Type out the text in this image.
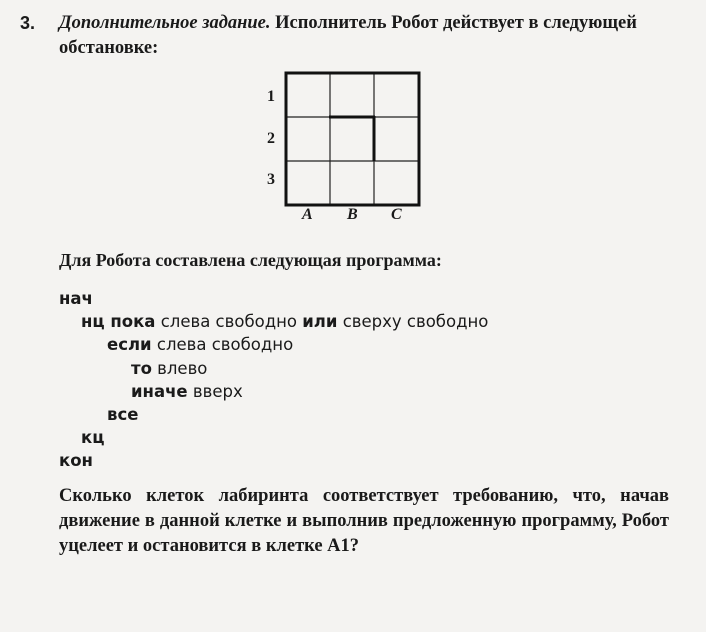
3. Дополнительное задание. Исполнитель Робот действует в следующей обстановке:
1
2
3
A B C
Для Робота составлена следующая программа:
нач
нц пока слева свободно или сверху свободно
если слева свободно
то влево
иначе вверх
все
кц
кон
Сколько клеток лабиринта соответствует требованию, что, начав движение в данной клетке и выполнив предложенную программу, Робот уцелеет и остановится в клетке A1?
